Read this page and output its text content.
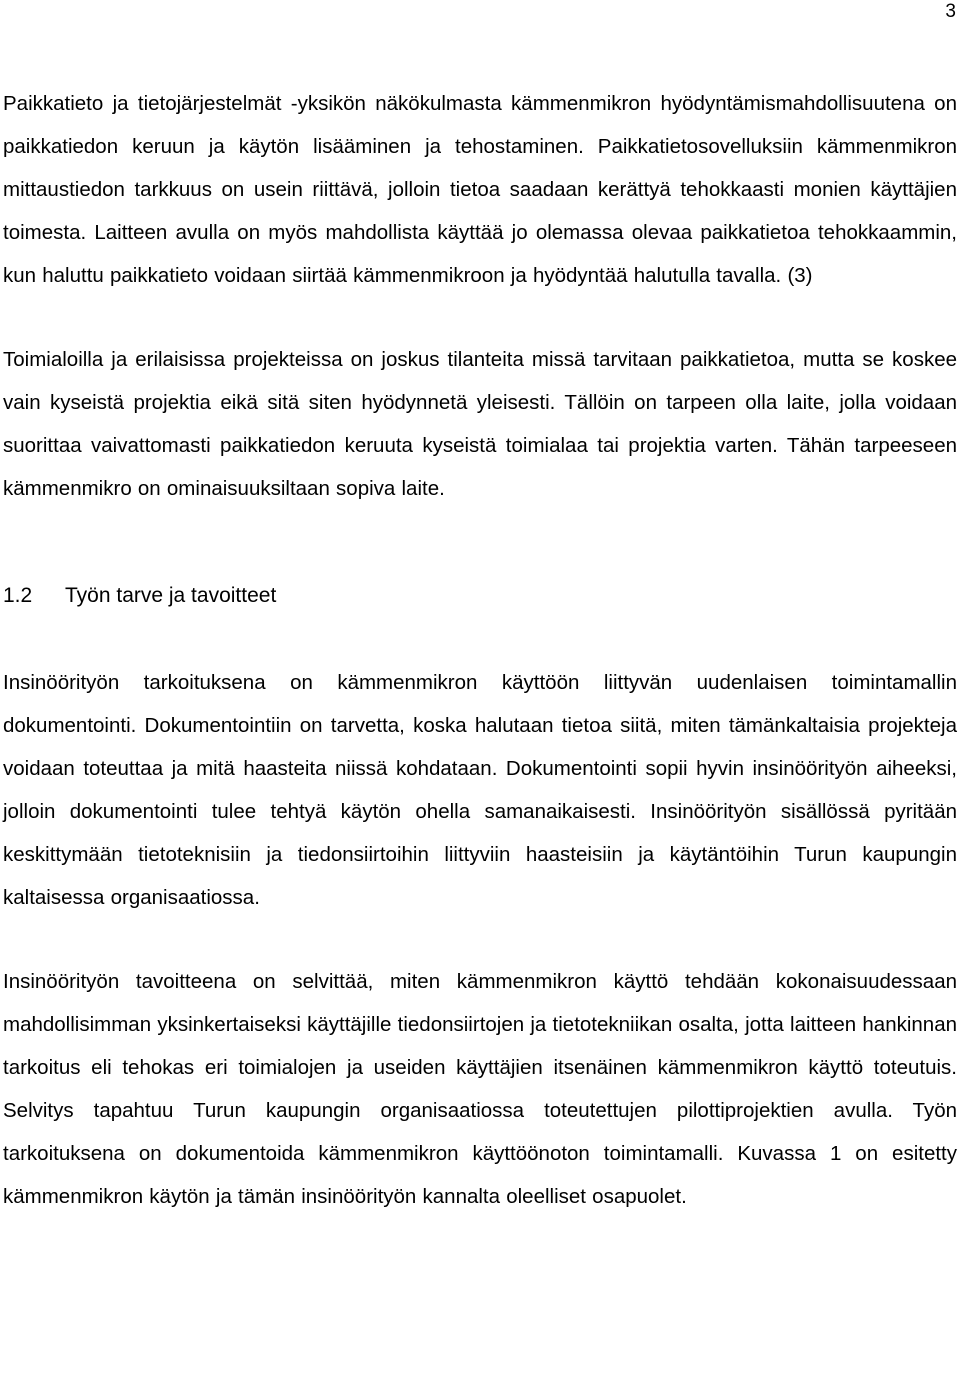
3

Paikkatieto ja tietojärjestelmät -yksikön näkökulmasta kämmenmikron hyödyntämismahdollisuutena on paikkatiedon keruun ja käytön lisääminen ja tehostaminen. Paikkatietosovelluksiin kämmenmikron mittaustiedon tarkkuus on usein riittävä, jolloin tietoa saadaan kerättyä tehokkaasti monien käyttäjien toimesta. Laitteen avulla on myös mahdollista käyttää jo olemassa olevaa paikkatietoa tehokkaammin, kun haluttu paikkatieto voidaan siirtää kämmenmikroon ja hyödyntää halutulla tavalla. (3)

Toimialoilla ja erilaisissa projekteissa on joskus tilanteita missä tarvitaan paikkatietoa, mutta se koskee vain kyseistä projektia eikä sitä siten hyödynnetä yleisesti. Tällöin on tarpeen olla laite, jolla voidaan suorittaa vaivattomasti paikkatiedon keruuta kyseistä toimialaa tai projektia varten. Tähän tarpeeseen kämmenmikro on ominaisuuksiltaan sopiva laite.

1.2	Työn tarve ja tavoitteet

Insinöörityön tarkoituksena on kämmenmikron käyttöön liittyvän uudenlaisen toimintamallin dokumentointi. Dokumentointiin on tarvetta, koska halutaan tietoa siitä, miten tämänkaltaisia projekteja voidaan toteuttaa ja mitä haasteita niissä kohdataan. Dokumentointi sopii hyvin insinöörityön aiheeksi, jolloin dokumentointi tulee tehtyä käytön ohella samanaikaisesti. Insinöörityön sisällössä pyritään keskittymään tietoteknisiin ja tiedonsiirtoihin liittyviin haasteisiin ja käytäntöihin Turun kaupungin kaltaisessa organisaatiossa.

Insinöörityön tavoitteena on selvittää, miten kämmenmikron käyttö tehdään kokonaisuudessaan mahdollisimman yksinkertaiseksi käyttäjille tiedonsiirtojen ja tietotekniikan osalta, jotta laitteen hankinnan tarkoitus eli tehokas eri toimialojen ja useiden käyttäjien itsenäinen kämmenmikron käyttö toteutuis. Selvitys tapahtuu Turun kaupungin organisaatiossa toteutettujen pilottiprojektien avulla. Työn tarkoituksena on dokumentoida kämmenmikron käyttöönoton toimintamalli. Kuvassa 1 on esitetty kämmenmikron käytön ja tämän insinöörityön kannalta oleelliset osapuolet.
